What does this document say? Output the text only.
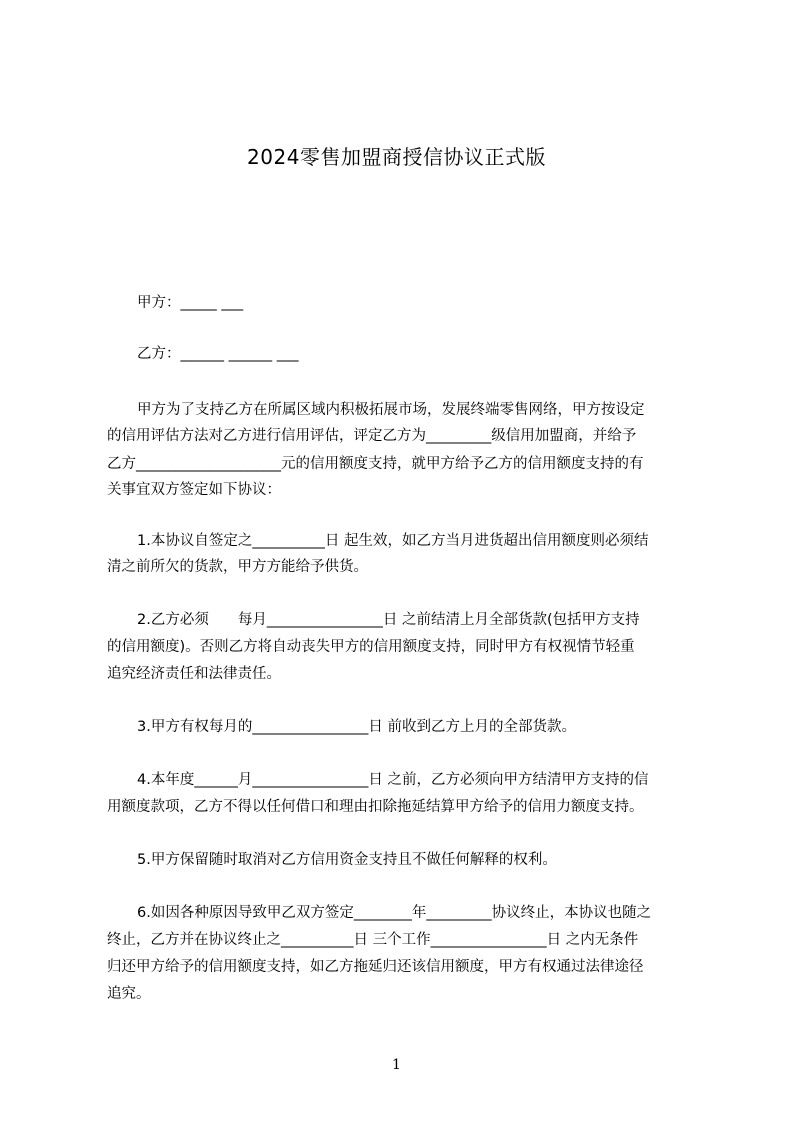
2024零售加盟商授信协议正式版
甲方：_____ ___
乙方：______ ______ ___
甲方为了支持乙方在所属区域内积极拓展市场，发展终端零售网络，甲方按设定
的信用评估方法对乙方进行信用评估，评定乙方为_________级信用加盟商，并给予
乙方____________________元的信用额度支持，就甲方给予乙方的信用额度支持的有
关事宜双方签定如下协议：
1.本协议自签定之__________日 起生效，如乙方当月进货超出信用额度则必须结
清之前所欠的货款，甲方方能给予供货。
2.乙方必须　　每月________________日 之前结清上月全部货款(包括甲方支持
的信用额度)。否则乙方将自动丧失甲方的信用额度支持，同时甲方有权视情节轻重
追究经济责任和法律责任。
3.甲方有权每月的________________日 前收到乙方上月的全部货款。
4.本年度______月________________日 之前，乙方必须向甲方结清甲方支持的信
用额度款项，乙方不得以任何借口和理由扣除拖延结算甲方给予的信用力额度支持。
5.甲方保留随时取消对乙方信用资金支持且不做任何解释的权利。
6.如因各种原因导致甲乙双方签定________年_________协议终止，本协议也随之
终止，乙方并在协议终止之__________日 三个工作________________日 之内无条件
归还甲方给予的信用额度支持，如乙方拖延归还该信用额度，甲方有权通过法律途径
追究。
1
